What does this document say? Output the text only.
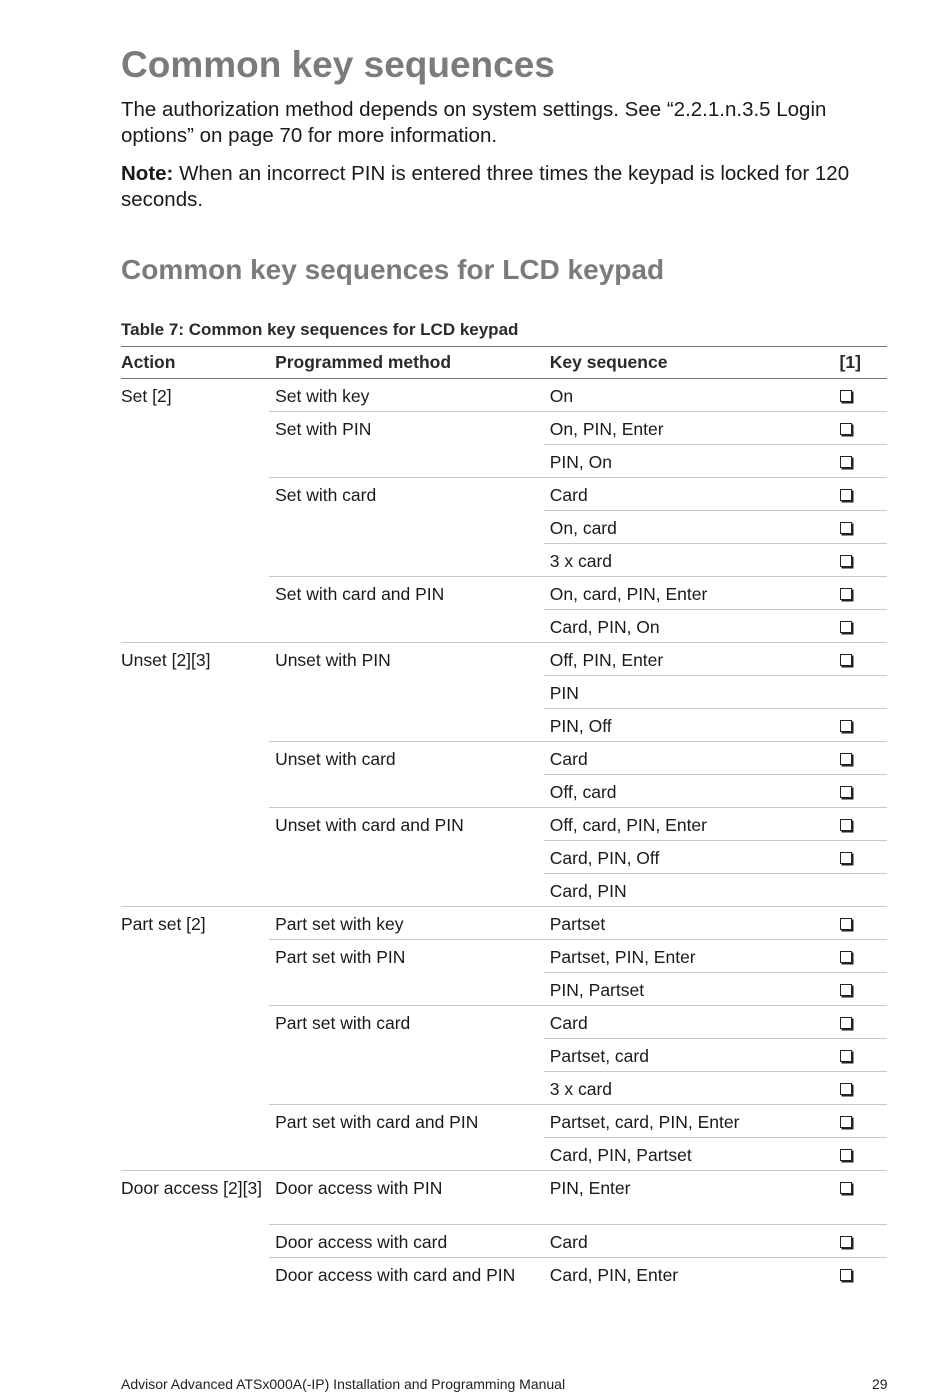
Common key sequences
The authorization method depends on system settings. See “2.2.1.n.3.5 Login options” on page 70 for more information.
Note: When an incorrect PIN is entered three times the keypad is locked for 120 seconds.
Common key sequences for LCD keypad
Table 7: Common key sequences for LCD keypad
Action	Programmed method	Key sequence	[1]
Set [2]	Set with key	On	
	Set with PIN	On, PIN, Enter	
		PIN, On	
	Set with card	Card	
		On, card	
		3 x card	
	Set with card and PIN	On, card, PIN, Enter	
		Card, PIN, On	
Unset [2][3]	Unset with PIN	Off, PIN, Enter	
		PIN	
		PIN, Off	
	Unset with card	Card	
		Off, card	
	Unset with card and PIN	Off, card, PIN, Enter	
		Card, PIN, Off	
		Card, PIN	
Part set [2]	Part set with key	Partset	
	Part set with PIN	Partset, PIN, Enter	
		PIN, Partset	
	Part set with card	Card	
		Partset, card	
		3 x card	
	Part set with card and PIN	Partset, card, PIN, Enter	
		Card, PIN, Partset	
Door access [2][3]	Door access with PIN	PIN, Enter	
	Door access with card	Card	
	Door access with card and PIN	Card, PIN, Enter	
Advisor Advanced ATSx000A(-IP) Installation and Programming Manual	29
